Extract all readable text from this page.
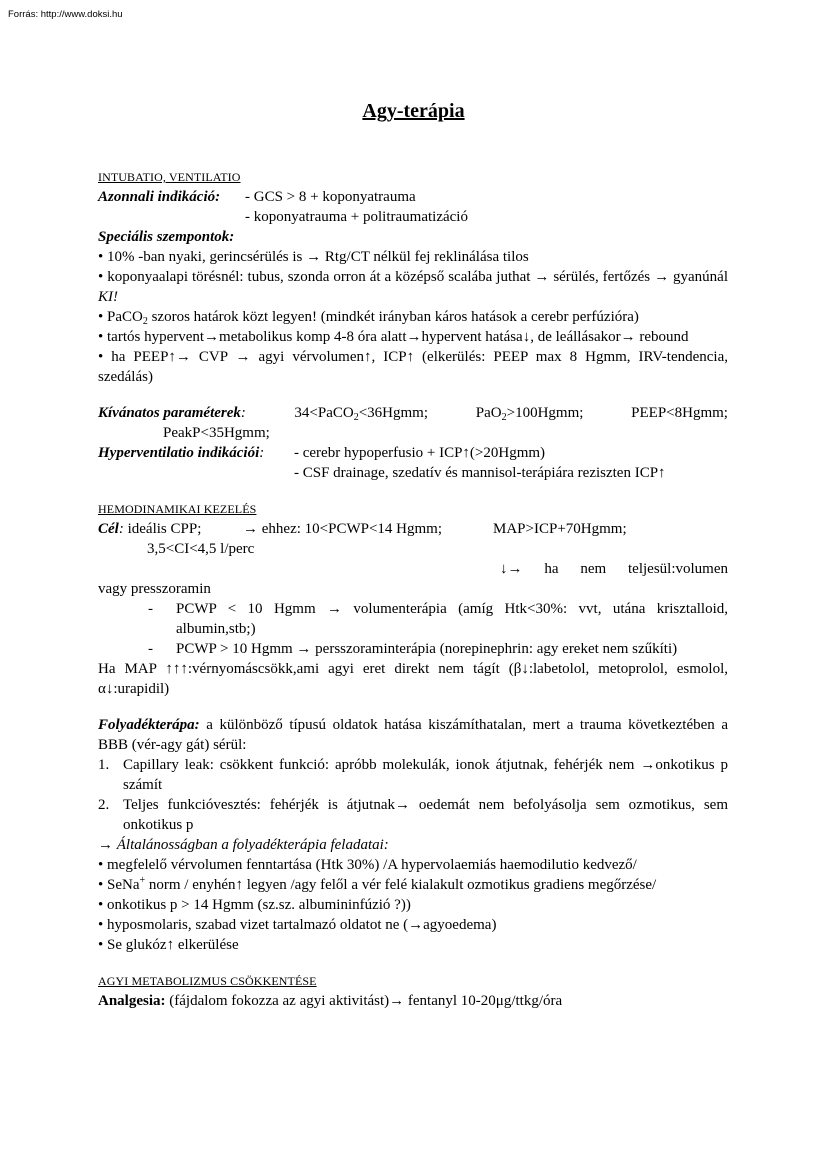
Forrás: http://www.doksi.hu
Agy-terápia
INTUBATIO, VENTILATIO
Azonnali indikáció: - GCS > 8 + koponyatrauma
- koponyatrauma + politraumatizáció
Speciális szempontok:
• 10% -ban nyaki, gerincsérülés is → Rtg/CT nélkül fej reklinálása tilos
• koponyaalapi törésnél: tubus, szonda orron át a középső scalába juthat → sérülés, fertőzés → gyanúnál KI!
• PaCO$_2$ szoros határok közt legyen! (mindkét irányban káros hatások a cerebr perfúzióra)
• tartós hypervent→metabolikus komp 4-8 óra alatt→hypervent hatása↓, de leállásakor→ rebound
• ha PEEP↑→ CVP → agyi vérvolumen↑, ICP↑ (elkerülés: PEEP max 8 Hgmm, IRV-tendencia, szedálás)
Kívánatos paraméterek:	34<PaCO$_2$<36Hgmm;	PaO$_2$>100Hgmm;	PEEP<8Hgmm;
PeakP<35Hgmm;
Hyperventilatio indikációi: - cerebr hypoperfusio + ICP↑(>20Hgmm)
- CSF drainage, szedatív és mannisol-terápiára reziszten ICP↑
HEMODINAMIKAI KEZELÉS
Cél: ideális CPP;	→ ehhez: 10<PCWP<14 Hgmm;	MAP>ICP+70Hgmm;
3,5<CI<4,5 l/perc
↓→ ha nem teljesül:volumen
vagy presszoramin
- PCWP < 10 Hgmm → volumenterápia (amíg Htk<30%: vvt, utána krisztalloid, albumin,stb;)
- PCWP > 10 Hgmm → persszoraminterápia (norepinephrin: agy ereket nem szűkíti)
Ha MAP ↑↑↑:vérnyomáscsökk,ami agyi eret direkt nem tágít (β↓:labetolol, metoprolol, esmolol, α↓:urapidil)
Folyadékterápa: a különböző típusú oldatok hatása kiszámíthatalan, mert a trauma következtében a BBB (vér-agy gát) sérül:
1. Capillary leak: csökkent funkció: apróbb molekulák, ionok átjutnak, fehérjék nem →onkotikus p számít
2. Teljes funkcióvesztés: fehérjék is átjutnak→ oedemát nem befolyásolja sem ozmotikus, sem onkotikus p
→ Általánosságban a folyadékterápia feladatai:
• megfelelő vérvolumen fenntartása (Htk 30%) /A hypervolaemiás haemodilutio kedvező/
• SeNa+ norm / enyhén↑ legyen /agy felől a vér felé kialakult ozmotikus gradiens megőrzése/
• onkotikus p > 14 Hgmm (sz.sz. albumininfúzió ?))
• hyposmolaris, szabad vizet tartalmazó oldatot ne (→agyoedema)
• Se glukóz↑ elkerülése
AGYI METABOLIZMUS CSÖKKENTÉSE
Analgesia: (fájdalom fokozza az agyi aktivitást)→ fentanyl 10-20μg/ttkg/óra
